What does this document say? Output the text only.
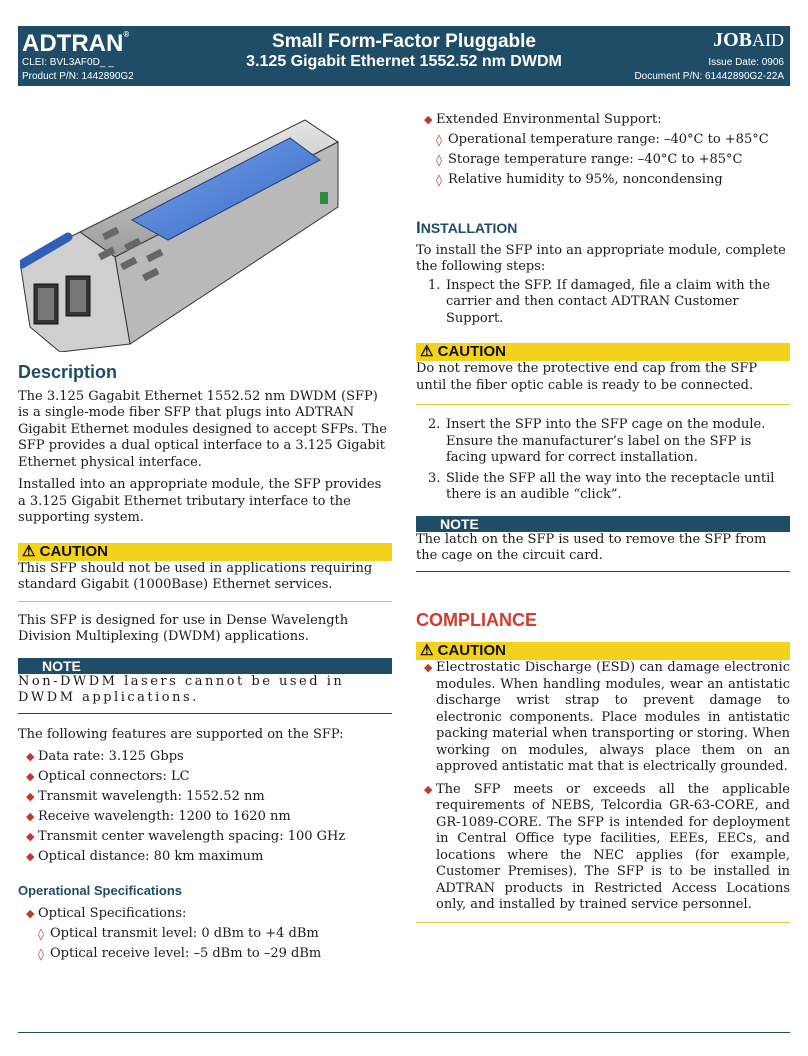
ADTRAN®
CLEI: BVL3AF0D_ _
Product P/N: 1442890G2
Small Form-Factor Pluggable
3.125 Gigabit Ethernet 1552.52 nm DWDM
JOBAID
Issue Date: 0906
Document P/N: 61442890G2-22A
Description

The 3.125 Gagabit Ethernet 1552.52 nm DWDM (SFP) is a single-mode fiber SFP that plugs into ADTRAN Gigabit Ethernet modules designed to accept SFPs. The SFP provides a dual optical interface to a 3.125 Gigabit Ethernet physical interface.

Installed into an appropriate module, the SFP provides a 3.125 Gigabit Ethernet tributary interface to the supporting system.

⚠ CAUTION

This SFP should not be used in applications requiring standard Gigabit (1000Base) Ethernet services.

This SFP is designed for use in Dense Wavelength Division Multiplexing (DWDM) applications.

NOTE

Non-DWDM lasers cannot be used in DWDM applications.

The following features are supported on the SFP:

◆ Data rate: 3.125 Gbps
◆ Optical connectors: LC
◆ Transmit wavelength: 1552.52 nm
◆ Receive wavelength: 1200 to 1620 nm
◆ Transmit center wavelength spacing: 100 GHz
◆ Optical distance: 80 km maximum
Operational Specifications
◆ Optical Specifications:
◊ Optical transmit level: 0 dBm to +4 dBm
◊ Optical receive level: –5 dBm to –29 dBm
◆ Extended Environmental Support:
◊ Operational temperature range: –40°C to +85°C
◊ Storage temperature range: –40°C to +85°C
◊ Relative humidity to 95%, noncondensing
INSTALLATION

To install the SFP into an appropriate module, complete the following steps:

1. Inspect the SFP. If damaged, file a claim with the carrier and then contact ADTRAN Customer Support.
⚠ CAUTION

Do not remove the protective end cap from the SFP until the fiber optic cable is ready to be connected.

2. Insert the SFP into the SFP cage on the module. Ensure the manufacturer’s label on the SFP is facing upward for correct installation.
3. Slide the SFP all the way into the receptacle until there is an audible “click”.
NOTE

The latch on the SFP is used to remove the SFP from the cage on the circuit card.

COMPLIANCE
⚠ CAUTION
◆ Electrostatic Discharge (ESD) can damage electronic modules. When handling modules, wear an antistatic discharge wrist strap to prevent damage to electronic components. Place modules in antistatic packing material when transporting or storing. When working on modules, always place them on an approved antistatic mat that is electrically grounded.
◆ The SFP meets or exceeds all the applicable requirements of NEBS, Telcordia GR-63-CORE, and GR-1089-CORE. The SFP is intended for deployment in Central Office type facilities, EEEs, EECs, and locations where the NEC applies (for example, Customer Premises). The SFP is to be installed in ADTRAN products in Restricted Access Locations only, and installed by trained service personnel.
